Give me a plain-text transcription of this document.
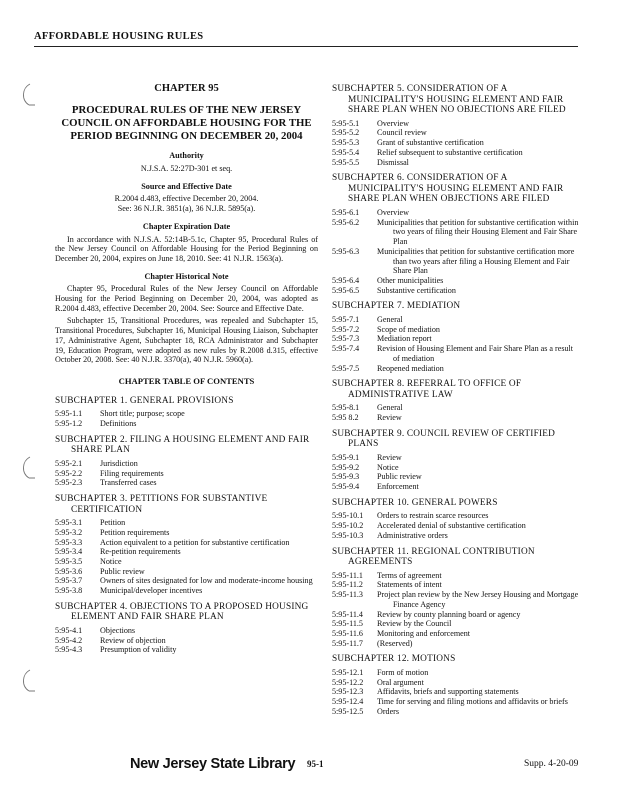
AFFORDABLE HOUSING RULES
CHAPTER 95
PROCEDURAL RULES OF THE NEW JERSEY COUNCIL ON AFFORDABLE HOUSING FOR THE PERIOD BEGINNING ON DECEMBER 20, 2004
Authority
N.J.S.A. 52:27D-301 et seq.
Source and Effective Date
R.2004 d.483, effective December 20, 2004.
See: 36 N.J.R. 3851(a), 36 N.J.R. 5895(a).
Chapter Expiration Date

In accordance with N.J.S.A. 52:14B-5.1c, Chapter 95, Procedural Rules of the New Jersey Council on Affordable Housing for the Period Beginning on December 20, 2004, expires on June 18, 2010. See: 41 N.J.R. 1563(a).

Chapter Historical Note

Chapter 95, Procedural Rules of the New Jersey Council on Affordable Housing for the Period Beginning on December 20, 2004, was adopted as R.2004 d.483, effective December 20, 2004. See: Source and Effective Date.

Subchapter 15, Transitional Procedures, was repealed and Subchapter 15, Transitional Procedures, Subchapter 16, Municipal Housing Liaison, Subchapter 17, Administrative Agent, Subchapter 18, RCA Administrator and Subchapter 19, Education Program, were adopted as new rules by R.2008 d.315, effective October 20, 2008. See: 40 N.J.R. 3370(a), 40 N.J.R. 5960(a).

CHAPTER TABLE OF CONTENTS
SUBCHAPTER 1. GENERAL PROVISIONS
5:95-1.1	Short title; purpose; scope
5:95-1.2	Definitions
SUBCHAPTER 2. FILING A HOUSING ELEMENT AND FAIR SHARE PLAN
5:95-2.1	Jurisdiction
5:95-2.2	Filing requirements
5:95-2.3	Transferred cases
SUBCHAPTER 3. PETITIONS FOR SUBSTANTIVE CERTIFICATION
5:95-3.1	Petition
5:95-3.2	Petition requirements
5:95-3.3	Action equivalent to a petition for substantive certification
5:95-3.4	Re-petition requirements
5:95-3.5	Notice
5:95-3.6	Public review
5:95-3.7	Owners of sites designated for low and moderate-income housing
5:95-3.8	Municipal/developer incentives
SUBCHAPTER 4. OBJECTIONS TO A PROPOSED HOUSING ELEMENT AND FAIR SHARE PLAN
5:95-4.1	Objections
5:95-4.2	Review of objection
5:95-4.3	Presumption of validity
SUBCHAPTER 5. CONSIDERATION OF A MUNICIPALITY'S HOUSING ELEMENT AND FAIR SHARE PLAN WHEN NO OBJECTIONS ARE FILED
5:95-5.1	Overview
5:95-5.2	Council review
5:95-5.3	Grant of substantive certification
5:95-5.4	Relief subsequent to substantive certification
5:95-5.5	Dismissal
SUBCHAPTER 6. CONSIDERATION OF A MUNICIPALITY'S HOUSING ELEMENT AND FAIR SHARE PLAN WHEN OBJECTIONS ARE FILED
5:95-6.1	Overview
5:95-6.2	Municipalities that petition for substantive certification within two years of filing their Housing Element and Fair Share Plan
5:95-6.3	Municipalities that petition for substantive certification more than two years after filing a Housing Element and Fair Share Plan
5:95-6.4	Other municipalities
5:95-6.5	Substantive certification
SUBCHAPTER 7. MEDIATION
5:95-7.1	General
5:95-7.2	Scope of mediation
5:95-7.3	Mediation report
5:95-7.4	Revision of Housing Element and Fair Share Plan as a result of mediation
5:95-7.5	Reopened mediation
SUBCHAPTER 8. REFERRAL TO OFFICE OF ADMINISTRATIVE LAW
5:95-8.1	General
5:95 8.2	Review
SUBCHAPTER 9. COUNCIL REVIEW OF CERTIFIED PLANS
5:95-9.1	Review
5:95-9.2	Notice
5:95-9.3	Public review
5:95-9.4	Enforcement
SUBCHAPTER 10. GENERAL POWERS
5:95-10.1	Orders to restrain scarce resources
5:95-10.2	Accelerated denial of substantive certification
5:95-10.3	Administrative orders
SUBCHAPTER 11. REGIONAL CONTRIBUTION AGREEMENTS
5:95-11.1	Terms of agreement
5:95-11.2	Statements of intent
5:95-11.3	Project plan review by the New Jersey Housing and Mortgage Finance Agency
5:95-11.4	Review by county planning board or agency
5:95-11.5	Review by the Council
5:95-11.6	Monitoring and enforcement
5:95-11.7	(Reserved)
SUBCHAPTER 12. MOTIONS
5:95-12.1	Form of motion
5:95-12.2	Oral argument
5:95-12.3	Affidavits, briefs and supporting statements
5:95-12.4	Time for serving and filing motions and affidavits or briefs
5:95-12.5	Orders
New Jersey State Library 95-1	Supp. 4-20-09
